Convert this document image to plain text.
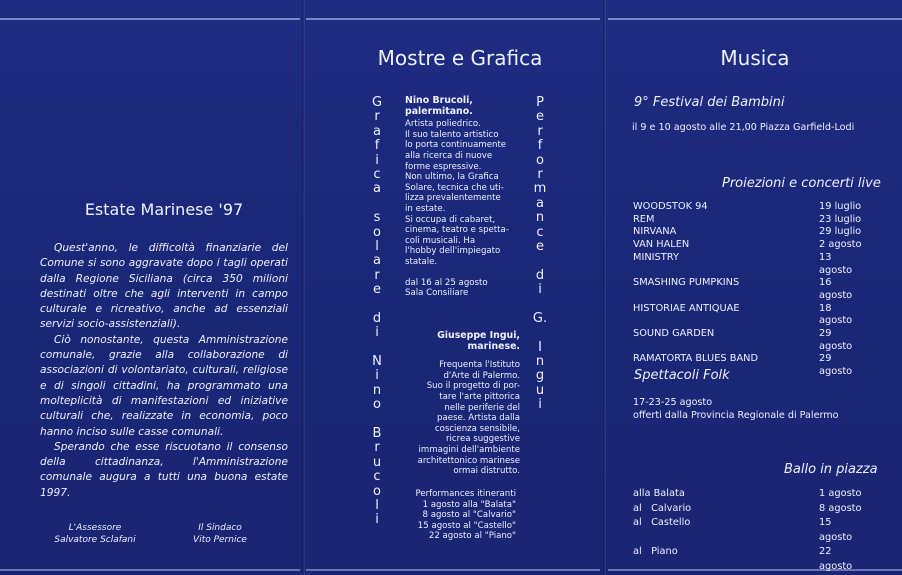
Estate Marinese '97

Quest'anno, le difficoltà finanziarie del Comune si sono aggravate dopo i tagli operati dalla Regione Siciliana (circa 350 milioni destinati oltre che agli interventi in campo culturale e ricreativo, anche ad essenziali servizi socio-assistenziali).

Ciò nonostante, questa Amministrazione comunale, grazie alla collaborazione di associazioni di volontariato, culturali, religiose e di singoli cittadini, ha programmato una molteplicità di manifestazioni ed iniziative culturali che, realizzate in economia, poco hanno inciso sulle casse comunali.

Sperando che esse riscuotano il consenso della cittadinanza, l'Amministrazione comunale augura a tutti una buona estate 1997.

L'Assessore
Salvatore Sclafani
Il Sindaco
Vito Pernice
Mostre e Grafica
G
r
a
f
i
c
a
s
o
l
a
r
e
d
i
N
i
n
o
B
r
u
c
o
l
i
P
e
r
f
o
r
m
a
n
c
e
d
i
G.
I
n
g
u
i
Nino Brucoli,
palermitano.
Artista poliedrico.
Il suo talento artistico
lo porta continuamente
alla ricerca di nuove
forme espressive.
Non ultimo, la Grafica
Solare, tecnica che uti-
lizza prevalentemente
in estate.
Si occupa di cabaret,
cinema, teatro e spetta-
coli musicali. Ha
l'hobby dell'impiegato
statale.
dal 16 al 25 agosto
Sala Consiliare
Giuseppe Ingui,
marinese.
Frequenta l'Istituto
d'Arte di Palermo.
Suo il progetto di por-
tare l'arte pittorica
nelle periferie del
paese. Artista dalla
coscienza sensibile,
ricrea suggestive
immagini dell'ambiente
architettonico marinese
ormai distrutto.
Performances itineranti
1 agosto alla "Balata"
8 agosto al "Calvario"
15 agosto al "Castello"
22 agosto al "Piano"
Musica
9° Festival dei Bambini
il 9 e 10 agosto alle 21,00 Piazza Garfield-Lodi
Proiezioni e concerti live
WOODSTOK 94	19 luglio
REM	23 luglio
NIRVANA	29 luglio
VAN HALEN	2 agosto
MINISTRY	13 agosto
SMASHING PUMPKINS	16 agosto
HISTORIAE ANTIQUAE	18 agosto
SOUND GARDEN	29 agosto
RAMATORTA BLUES BAND	29 agosto
Spettacoli Folk
17-23-25 agosto
offerti dalla Provincia Regionale di Palermo
Ballo in piazza
alla Balata	1 agosto
al   Calvario	8 agosto
al   Castello	15 agosto
al   Piano	22 agosto
